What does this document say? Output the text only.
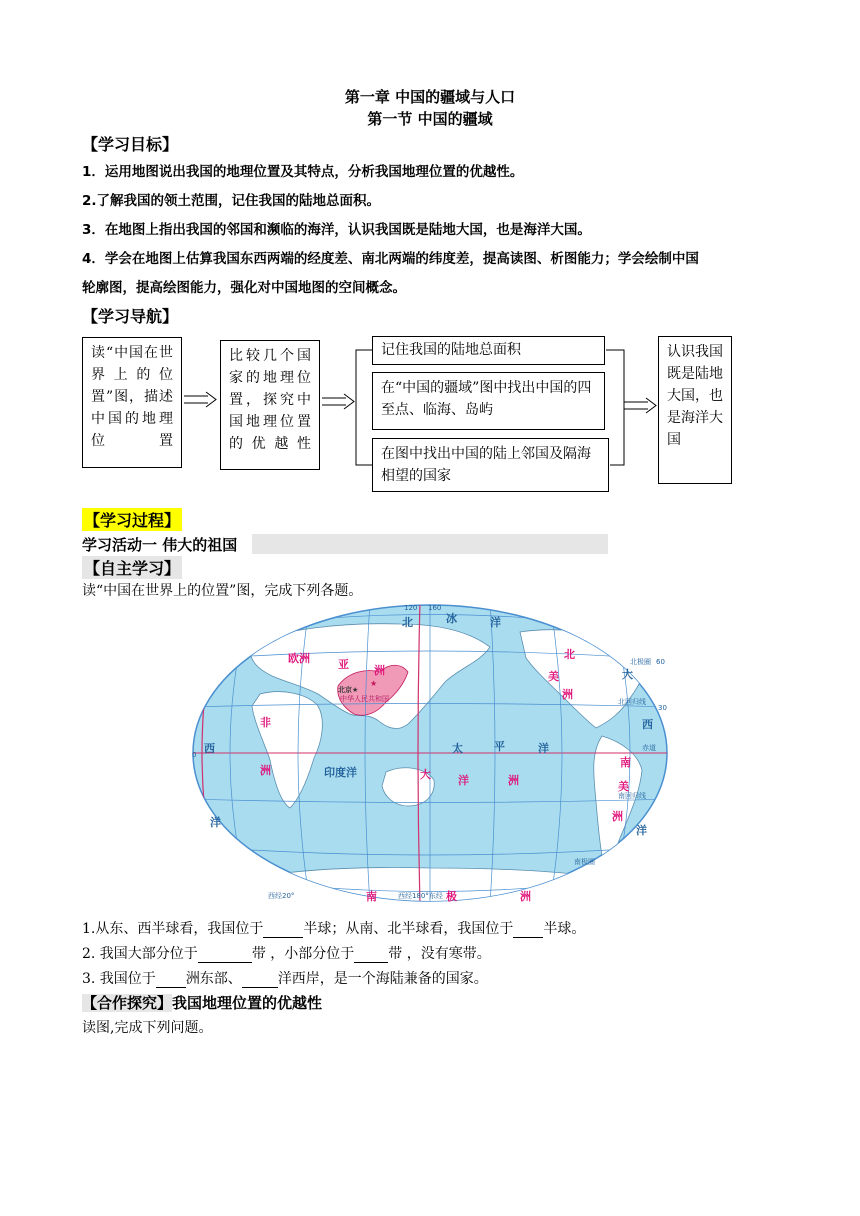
第一章 中国的疆域与人口
第一节 中国的疆域
【学习目标】
1．运用地图说出我国的地理位置及其特点，分析我国地理位置的优越性。
2.了解我国的领土范围，记住我国的陆地总面积。
3．在地图上指出我国的邻国和濒临的海洋，认识我国既是陆地大国，也是海洋大国。
4．学会在地图上估算我国东西两端的经度差、南北两端的纬度差，提高读图、析图能力；学会绘制中国
轮廓图，提高绘图能力，强化对中国地图的空间概念。
【学习导航】
读“中国在世界上的位置”图，描述中国的地理位置
比较几个国家的地理位置，探究中国地理位置的优越性
记住我国的陆地总面积
在“中国的疆域”图中找出中国的四至点、临海、岛屿
在图中找出中国的陆上邻国及隔海相望的国家
认识我国既是陆地大国，也是海洋大国
【学习过程】
学习活动一 伟大的祖国
【自主学习】
读“中国在世界上的位置”图，完成下列各题。
欧洲	亚 洲
非
洲
北
美
洲
南
美
洲
大 洋	洲
南	极	洲
北	冰	洋
太	平	洋
印度洋
西
洋
大
西
洋
北京★
中华人民共和国
北极圈
北回归线
赤道
南回归线
南极圈
西经20°	西经180°东经
120 160
0
30
60
★
1.从东、西半球看，我国位于	半球；从南、北半球看，我国位于 半球。
2. 我国大部分位于	带 ，小部分位于 带 ，没有寒带。
3. 我国位于 洲东部、	洋西岸，是一个海陆兼备的国家。
【合作探究】我国地理位置的优越性
读图,完成下列问题。
